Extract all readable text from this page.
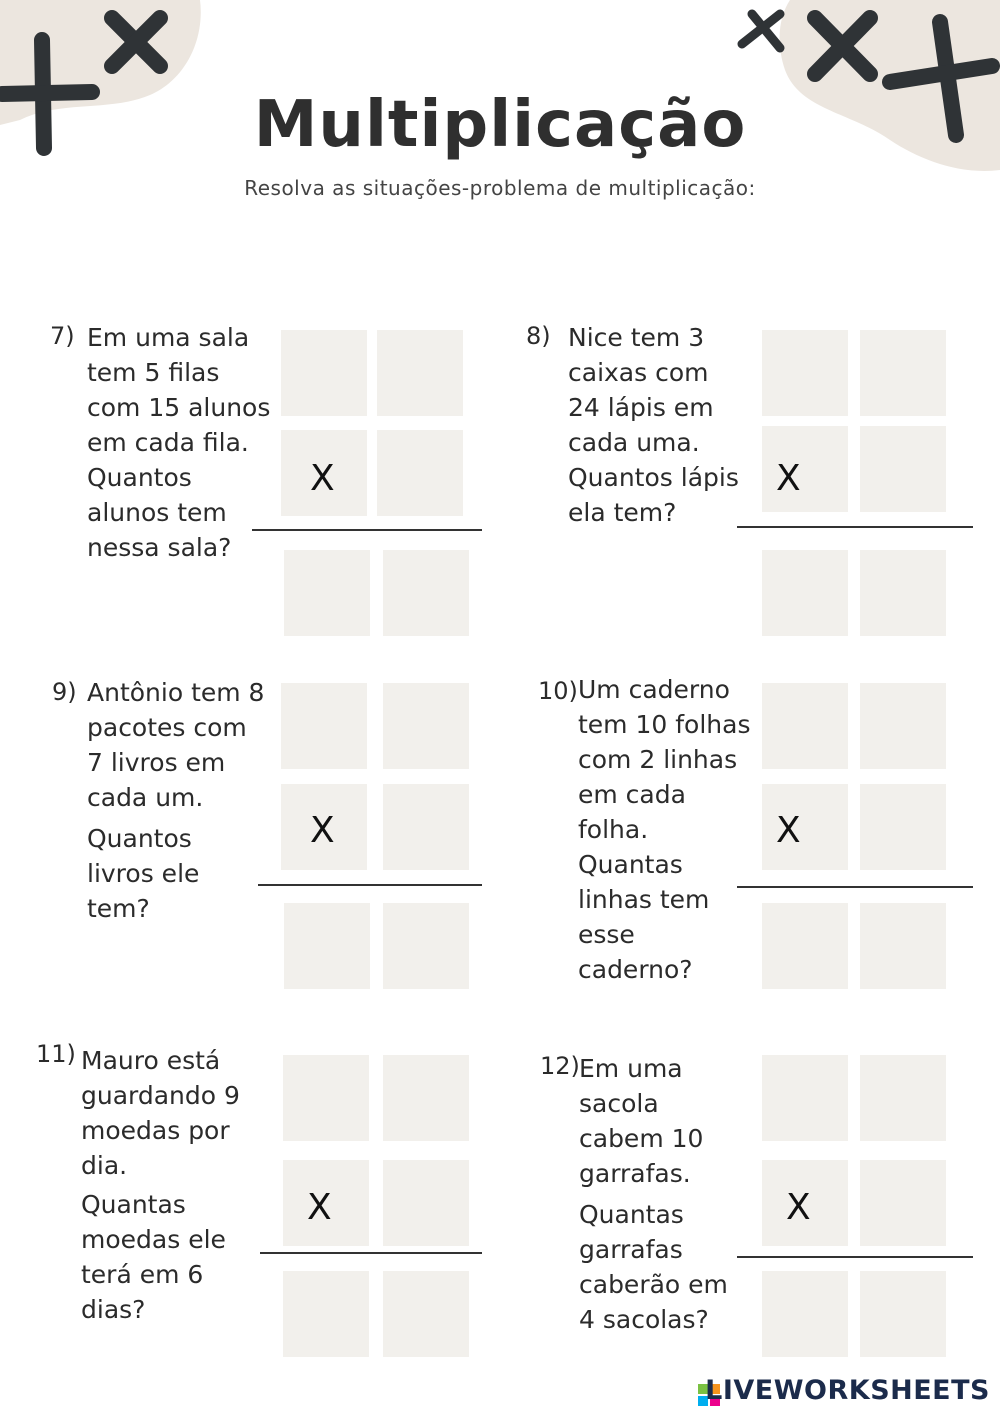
Multiplicação
Resolva as situações-problema de multiplicação:
7) Em uma sala
tem 5 filas
com 15 alunos
em cada fila.
Quantos
alunos tem
nessa sala?
X
8) Nice tem 3
caixas com
24 lápis em
cada uma.
Quantos lápis
ela tem?
X
9) Antônio tem 8
pacotes com
7 livros em
cada um.
Quantos
livros ele
tem?
X
10) Um caderno
tem 10 folhas
com 2 linhas
em cada
folha.
Quantas
linhas tem
esse
caderno?
X
11) Mauro está
guardando 9
moedas por
dia.
Quantas
moedas ele
terá em 6
dias?
X
12) Em uma
sacola
cabem 10
garrafas.
Quantas
garrafas
caberão em
4 sacolas?
X
LIVEWORKSHEETS
